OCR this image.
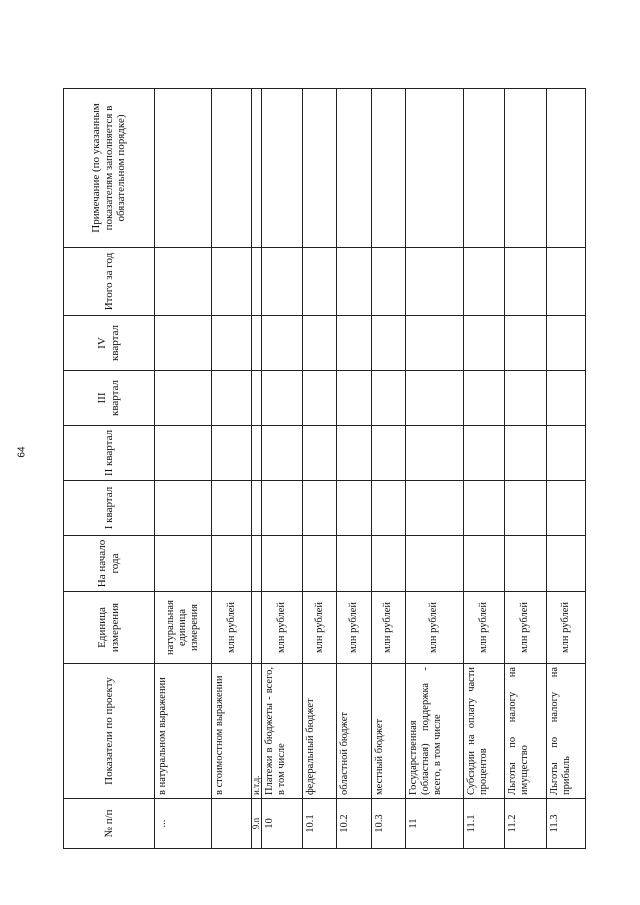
64
№ п/п	Показатели по проекту	Единица измерения	На начало года	I квартал	II квартал	III квартал	IV квартал	Итого за год	Примечание (по указанным показателям заполняется в обязательном порядке)
...	в натуральном выражении	натуральная единица измерения							
	в стоимостном выражении	млн рублей							
9.n	и.т.д.								
10	Платежи в бюджеты - всего, в том числе	млн рублей							
10.1	федеральный бюджет	млн рублей							
10.2	областной бюджет	млн рублей							
10.3	местный бюджет	млн рублей							
11	Государственная (областная) поддержка - всего, в том числе	млн рублей							
11.1	Субсидии на оплату части процентов	млн рублей							
11.2	Льготы по налогу на имущество	млн рублей							
11.3	Льготы по налогу на прибыль	млн рублей							
